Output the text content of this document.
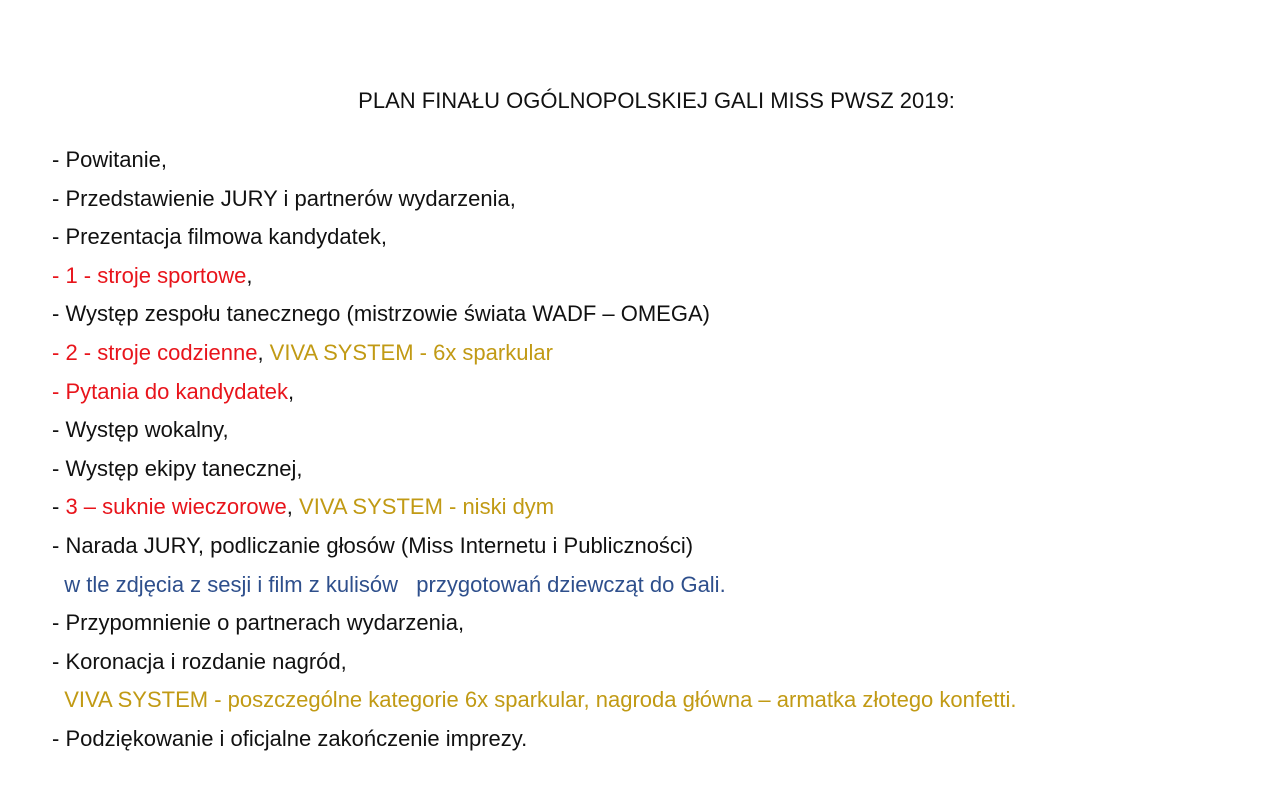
PLAN FINAŁU OGÓLNOPOLSKIEJ GALI MISS PWSZ 2019:
- Powitanie,
- Przedstawienie JURY i partnerów wydarzenia,
- Prezentacja filmowa kandydatek,
- 1 - stroje sportowe,
- Występ zespołu tanecznego (mistrzowie świata WADF – OMEGA)
- 2 - stroje codzienne, VIVA SYSTEM - 6x sparkular
- Pytania do kandydatek,
- Występ wokalny,
- Występ ekipy tanecznej,
- 3 – suknie wieczorowe, VIVA SYSTEM - niski dym
- Narada JURY, podliczanie głosów (Miss Internetu i Publiczności)
w tle zdjęcia z sesji i film z kulisów   przygotowań dziewcząt do Gali.
- Przypomnienie o partnerach wydarzenia,
- Koronacja i rozdanie nagród,
VIVA SYSTEM - poszczególne kategorie 6x sparkular, nagroda główna – armatka złotego konfetti.
- Podziękowanie i oficjalne zakończenie imprezy.
